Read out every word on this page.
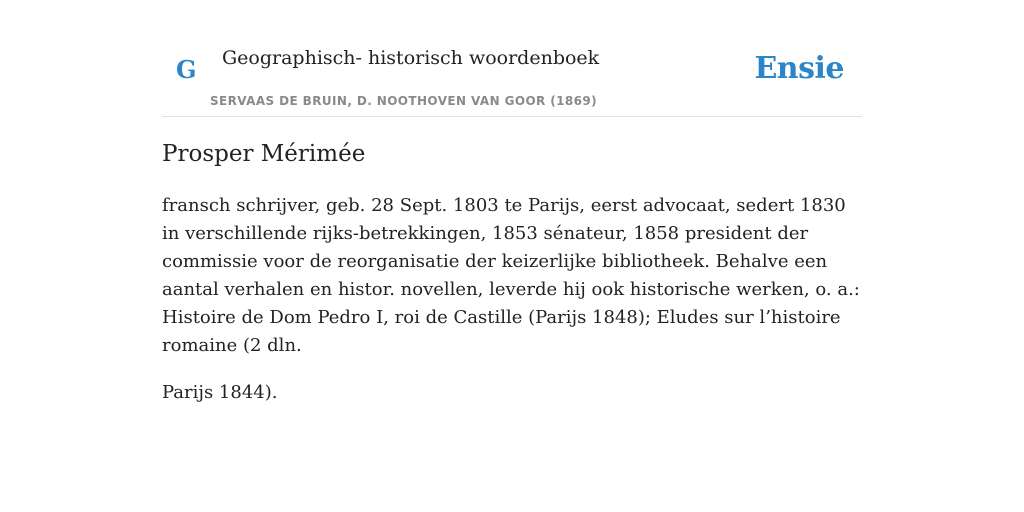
G Geographisch- historisch woordenboek
SERVAAS DE BRUIN, D. NOOTHOVEN VAN GOOR (1869)
Ensie
Prosper Mérimée

fransch schrijver, geb. 28 Sept. 1803 te Parijs, eerst advocaat, sedert 1830 in verschillende rijks-betrekkingen, 1853 sénateur, 1858 president der commissie voor de reorganisatie der keizerlijke bibliotheek. Behalve een aantal verhalen en histor. novellen, leverde hij ook historische werken, o. a.: Histoire de Dom Pedro I, roi de Castille (Parijs 1848); Eludes sur l’histoire romaine (2 dln.

Parijs 1844).
